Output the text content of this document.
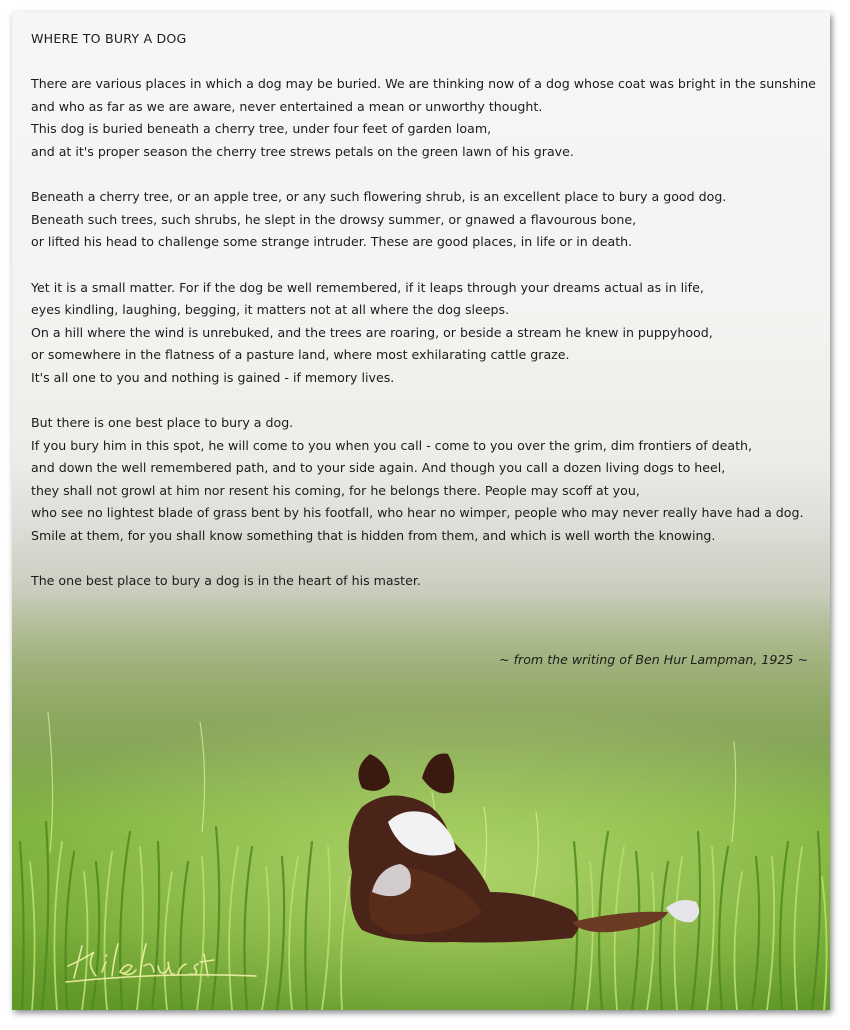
WHERE TO BURY A DOG

There are various places in which a dog may be buried. We are thinking now of a dog whose coat was bright in the sunshine
and who as far as we are aware, never entertained a mean or unworthy thought.
This dog is buried beneath a cherry tree, under four feet of garden loam,
and at it's proper season the cherry tree strews petals on the green lawn of his grave.

Beneath a cherry tree, or an apple tree, or any such flowering shrub, is an excellent place to bury a good dog.
Beneath such trees, such shrubs, he slept in the drowsy summer, or gnawed a flavourous bone,
or lifted his head to challenge some strange intruder. These are good places, in life or in death.

Yet it is a small matter. For if the dog be well remembered, if it leaps through your dreams actual as in life,
eyes kindling, laughing, begging, it matters not at all where the dog sleeps.
On a hill where the wind is unrebuked, and the trees are roaring, or beside a stream he knew in puppyhood,
or somewhere in the flatness of a pasture land, where most exhilarating cattle graze.
It's all one to you and nothing is gained - if memory lives.

But there is one best place to bury a dog.
If you bury him in this spot, he will come to you when you call - come to you over the grim, dim frontiers of death,
and down the well remembered path, and to your side again. And though you call a dozen living dogs to heel,
they shall not growl at him nor resent his coming, for he belongs there. People may scoff at you,
who see no lightest blade of grass bent by his footfall, who hear no wimper, people who may never really have had a dog.
Smile at them, for you shall know something that is hidden from them, and which is well worth the knowing.

The one best place to bury a dog is in the heart of his master.

~ from the writing of Ben Hur Lampman, 1925 ~
